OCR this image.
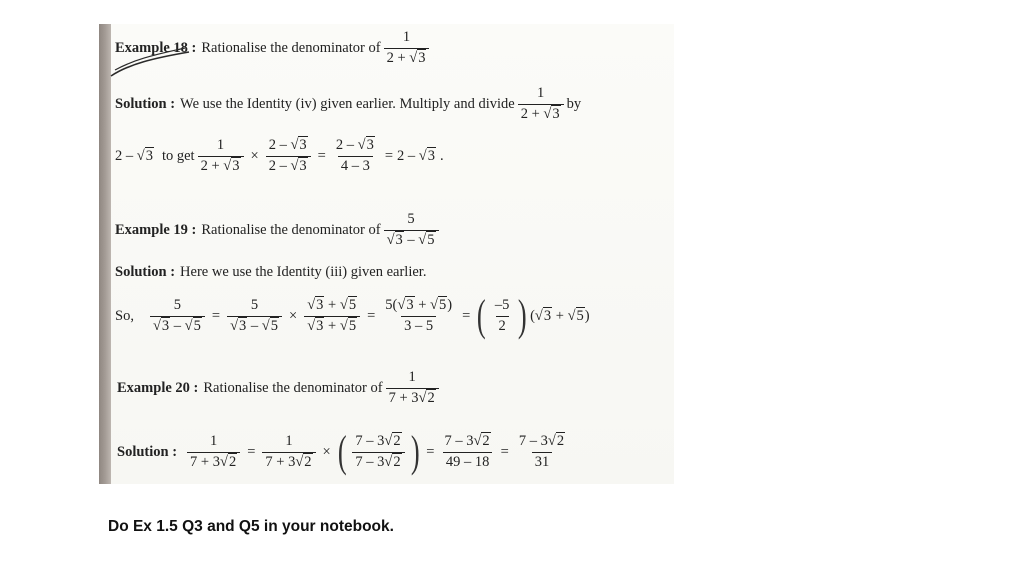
Example 18 : Rationalise the denominator of $\frac{1}{2 + √ 3}$
Solution : We use the Identity (iv) given earlier. Multiply and divide $\frac{1}{2 + √ 3}$ by
2 –
√ 3 to get $\frac{1}{2 + √ 3} \times \frac{2 - √ 3}{2 - √ 3} = \frac{2 - √ 3}{4 - 3} = 2$ –
√ 3 .
Example 19 : Rationalise the denominator of 5
√ 3 – √ 5
Solution : Here we use the Identity (iii) given earlier.
So, 5
√ 3 – √ 5 = 5
√ 3 – √ 5 × √ 3 + √ 5
√ 3 + √ $5 = \frac{5( √ 3 + √ 5)}{3 - 5}$ = ( $\frac{-5}{2}$ ) ( √ 3
+
√ 5 )
Example 20 : Rationalise the denominator of $\frac{1}{7 + 3 √ 2}$
Solution : $\frac{1}{7 + 3 √ 2} = \frac{1}{7 + 3 √ 2}$ × ( $\frac{7 - 3 √ 2}{7 - 3 √ 2}$ ) = $\frac{7 - 3 √ 2}{49 - 18} = \frac{7 - 3 √ 2}{31}$
Do Ex 1.5 Q3 and Q5 in your notebook.
